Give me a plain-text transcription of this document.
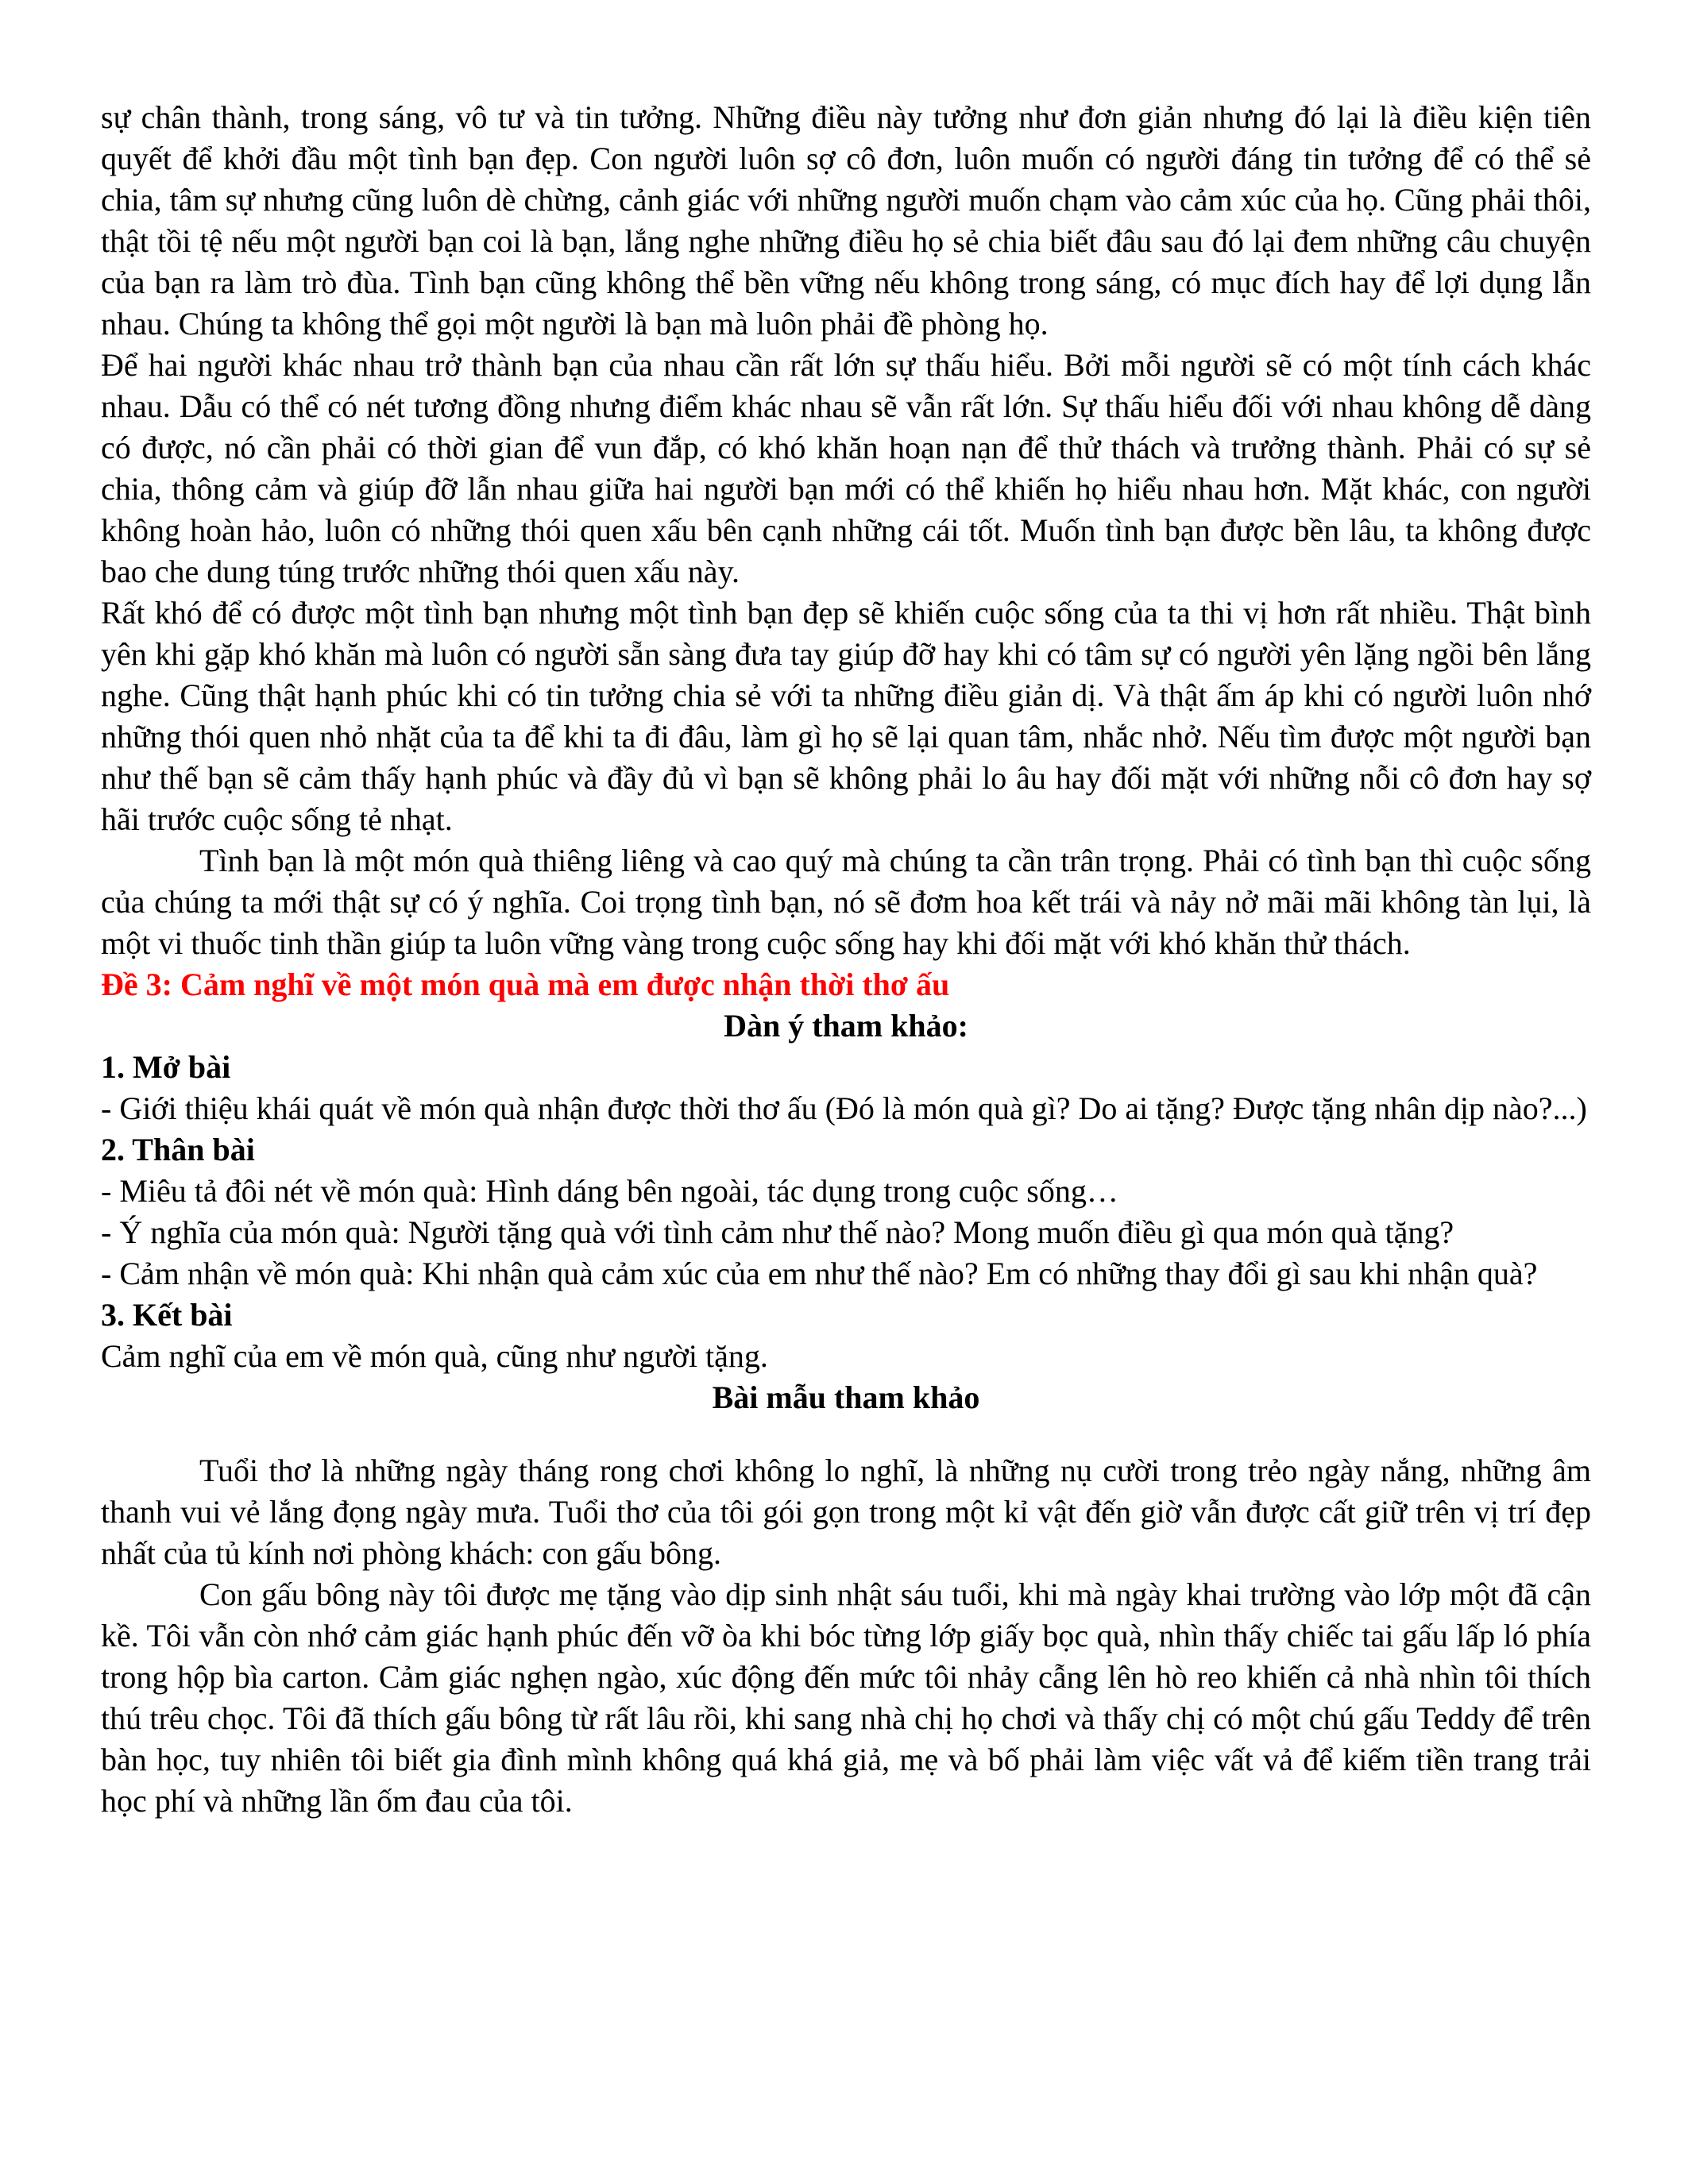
sự chân thành, trong sáng, vô tư và tin tưởng. Những điều này tưởng như đơn giản nhưng đó lại là điều kiện tiên quyết để khởi đầu một tình bạn đẹp. Con người luôn sợ cô đơn, luôn muốn có người đáng tin tưởng để có thể sẻ chia, tâm sự nhưng cũng luôn dè chừng, cảnh giác với những người muốn chạm vào cảm xúc của họ. Cũng phải thôi, thật tồi tệ nếu một người bạn coi là bạn, lắng nghe những điều họ sẻ chia biết đâu sau đó lại đem những câu chuyện của bạn ra làm trò đùa. Tình bạn cũng không thể bền vững nếu không trong sáng, có mục đích hay để lợi dụng lẫn nhau. Chúng ta không thể gọi một người là bạn mà luôn phải đề phòng họ.

Để hai người khác nhau trở thành bạn của nhau cần rất lớn sự thấu hiểu. Bởi mỗi người sẽ có một tính cách khác nhau. Dẫu có thể có nét tương đồng nhưng điểm khác nhau sẽ vẫn rất lớn. Sự thấu hiểu đối với nhau không dễ dàng có được, nó cần phải có thời gian để vun đắp, có khó khăn hoạn nạn để thử thách và trưởng thành. Phải có sự sẻ chia, thông cảm và giúp đỡ lẫn nhau giữa hai người bạn mới có thể khiến họ hiểu nhau hơn. Mặt khác, con người không hoàn hảo, luôn có những thói quen xấu bên cạnh những cái tốt. Muốn tình bạn được bền lâu, ta không được bao che dung túng trước những thói quen xấu này.

Rất khó để có được một tình bạn nhưng một tình bạn đẹp sẽ khiến cuộc sống của ta thi vị hơn rất nhiều. Thật bình yên khi gặp khó khăn mà luôn có người sẵn sàng đưa tay giúp đỡ hay khi có tâm sự có người yên lặng ngồi bên lắng nghe. Cũng thật hạnh phúc khi có tin tưởng chia sẻ với ta những điều giản dị. Và thật ấm áp khi có người luôn nhớ những thói quen nhỏ nhặt của ta để khi ta đi đâu, làm gì họ sẽ lại quan tâm, nhắc nhở. Nếu tìm được một người bạn như thế bạn sẽ cảm thấy hạnh phúc và đầy đủ vì bạn sẽ không phải lo âu hay đối mặt với những nỗi cô đơn hay sợ hãi trước cuộc sống tẻ nhạt.

Tình bạn là một món quà thiêng liêng và cao quý mà chúng ta cần trân trọng. Phải có tình bạn thì cuộc sống của chúng ta mới thật sự có ý nghĩa. Coi trọng tình bạn, nó sẽ đơm hoa kết trái và nảy nở mãi mãi không tàn lụi, là một vi thuốc tinh thần giúp ta luôn vững vàng trong cuộc sống hay khi đối mặt với khó khăn thử thách.

Đề 3: Cảm nghĩ về một món quà mà em được nhận thời thơ ấu

Dàn ý tham khảo:

1. Mở bài

- Giới thiệu khái quát về món quà nhận được thời thơ ấu (Đó là món quà gì? Do ai tặng? Được tặng nhân dịp nào?...)

2. Thân bài

- Miêu tả đôi nét về món quà: Hình dáng bên ngoài, tác dụng trong cuộc sống…

- Ý nghĩa của món quà: Người tặng quà với tình cảm như thế nào? Mong muốn điều gì qua món quà tặng?

- Cảm nhận về món quà: Khi nhận quà cảm xúc của em như thế nào? Em có những thay đổi gì sau khi nhận quà?

3. Kết bài

Cảm nghĩ của em về món quà, cũng như người tặng.

Bài mẫu tham khảo

Tuổi thơ là những ngày tháng rong chơi không lo nghĩ, là những nụ cười trong trẻo ngày nắng, những âm thanh vui vẻ lắng đọng ngày mưa. Tuổi thơ của tôi gói gọn trong một kỉ vật đến giờ vẫn được cất giữ trên vị trí đẹp nhất của tủ kính nơi phòng khách: con gấu bông.

Con gấu bông này tôi được mẹ tặng vào dịp sinh nhật sáu tuổi, khi mà ngày khai trường vào lớp một đã cận kề. Tôi vẫn còn nhớ cảm giác hạnh phúc đến vỡ òa khi bóc từng lớp giấy bọc quà, nhìn thấy chiếc tai gấu lấp ló phía trong hộp bìa carton. Cảm giác nghẹn ngào, xúc động đến mức tôi nhảy cẫng lên hò reo khiến cả nhà nhìn tôi thích thú trêu chọc. Tôi đã thích gấu bông từ rất lâu rồi, khi sang nhà chị họ chơi và thấy chị có một chú gấu Teddy để trên bàn học, tuy nhiên tôi biết gia đình mình không quá khá giả, mẹ và bố phải làm việc vất vả để kiếm tiền trang trải học phí và những lần ốm đau của tôi.
